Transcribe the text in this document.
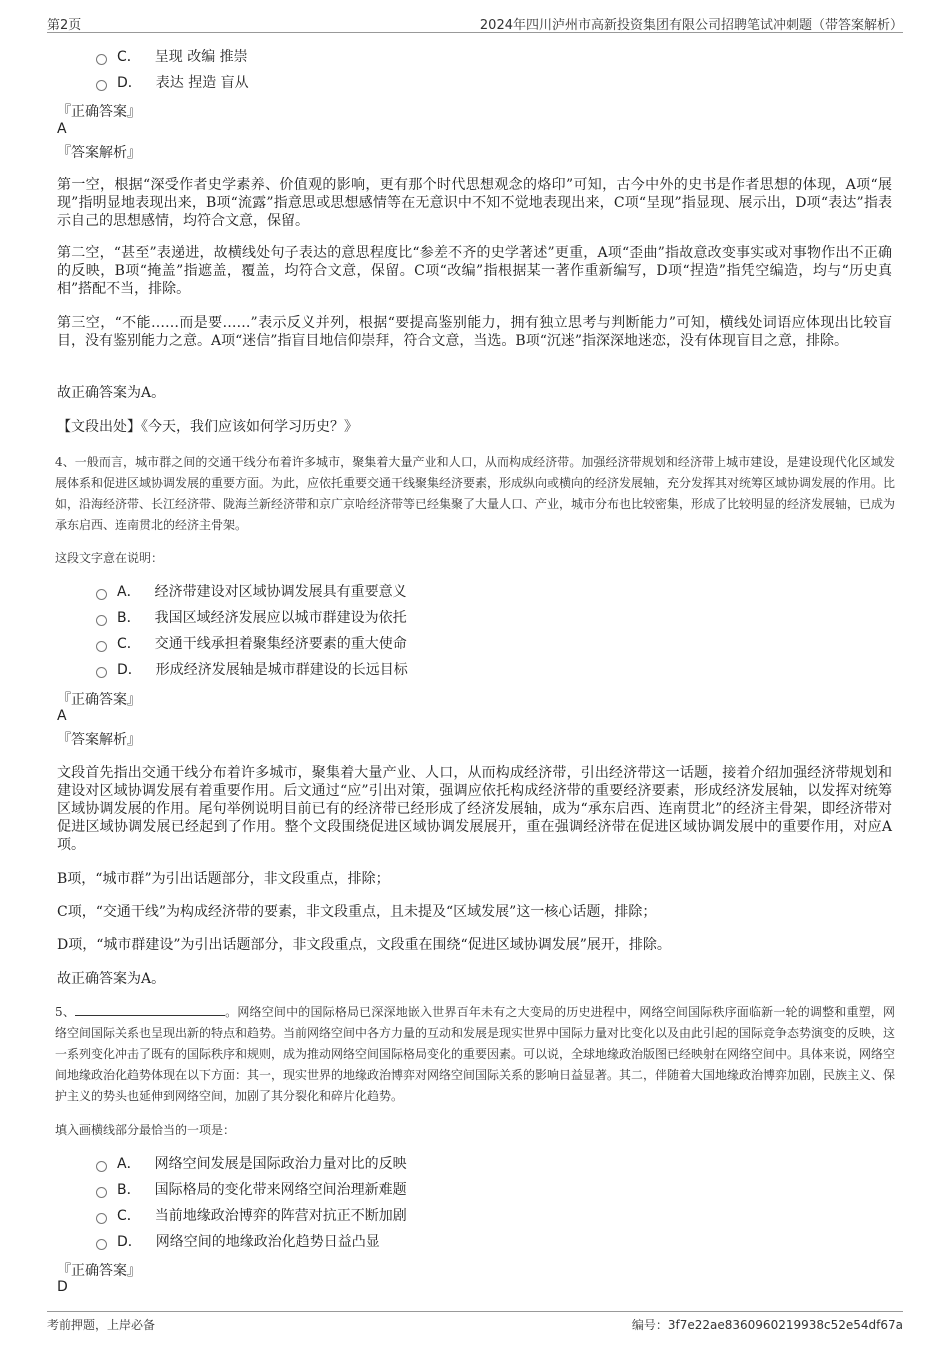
第2页	2024年四川泸州市高新投资集团有限公司招聘笔试冲刺题（带答案解析）
C． 呈现 改编 推崇
D． 表达 捏造 盲从
『正确答案』
A
『答案解析』
第一空，根据“深受作者史学素养、价值观的影响，更有那个时代思想观念的烙印”可知，古今中外的史书是作者思想的体现，A项“展现”指明显地表现出来，B项“流露”指意思或思想感情等在无意识中不知不觉地表现出来，C项“呈现”指显现、展示出，D项“表达”指表示自己的思想感情，均符合文意，保留。
第二空，“甚至”表递进，故横线处句子表达的意思程度比“参差不齐的史学著述”更重，A项“歪曲”指故意改变事实或对事物作出不正确的反映，B项“掩盖”指遮盖，覆盖，均符合文意，保留。C项“改编”指根据某一著作重新编写，D项“捏造”指凭空编造，均与“历史真相”搭配不当，排除。
第三空，“不能……而是要……”表示反义并列，根据“要提高鉴别能力，拥有独立思考与判断能力”可知，横线处词语应体现出比较盲目，没有鉴别能力之意。A项“迷信”指盲目地信仰崇拜，符合文意，当选。B项“沉迷”指深深地迷恋，没有体现盲目之意，排除。
故正确答案为A。
【文段出处】《今天，我们应该如何学习历史？》
4、一般而言，城市群之间的交通干线分布着许多城市，聚集着大量产业和人口，从而构成经济带。加强经济带规划和经济带上城市建设，是建设现代化区域发展体系和促进区域协调发展的重要方面。为此，应依托重要交通干线聚集经济要素，形成纵向或横向的经济发展轴，充分发挥其对统筹区域协调发展的作用。比如，沿海经济带、长江经济带、陇海兰新经济带和京广京哈经济带等已经集聚了大量人口、产业，城市分布也比较密集，形成了比较明显的经济发展轴，已成为承东启西、连南贯北的经济主骨架。
这段文字意在说明：
A． 经济带建设对区域协调发展具有重要意义
B． 我国区域经济发展应以城市群建设为依托
C． 交通干线承担着聚集经济要素的重大使命
D． 形成经济发展轴是城市群建设的长远目标
『正确答案』
A
『答案解析』
文段首先指出交通干线分布着许多城市，聚集着大量产业、人口，从而构成经济带，引出经济带这一话题，接着介绍加强经济带规划和建设对区域协调发展有着重要作用。后文通过“应”引出对策，强调应依托构成经济带的重要经济要素，形成经济发展轴，以发挥对统筹区域协调发展的作用。尾句举例说明目前已有的经济带已经形成了经济发展轴，成为“承东启西、连南贯北”的经济主骨架，即经济带对促进区域协调发展已经起到了作用。整个文段围绕促进区域协调发展展开，重在强调经济带在促进区域协调发展中的重要作用，对应A项。
B项，“城市群”为引出话题部分，非文段重点，排除；
C项，“交通干线”为构成经济带的要素，非文段重点，且未提及“区域发展”这一核心话题，排除；
D项，“城市群建设”为引出话题部分，非文段重点，文段重在围绕“促进区域协调发展”展开，排除。
故正确答案为A。
5、	。网络空间中的国际格局已深深地嵌入世界百年未有之大变局的历史进程中，网络空间国际秩序面临新一轮的调整和重塑，网络空间国际关系也呈现出新的特点和趋势。当前网络空间中各方力量的互动和发展是现实世界中国际力量对比变化以及由此引起的国际竞争态势演变的反映，这一系列变化冲击了既有的国际秩序和规则，成为推动网络空间国际格局变化的重要因素。可以说，全球地缘政治版图已经映射在网络空间中。具体来说，网络空间地缘政治化趋势体现在以下方面：其一，现实世界的地缘政治博弈对网络空间国际关系的影响日益显著。其二，伴随着大国地缘政治博弈加剧，民族主义、保护主义的势头也延伸到网络空间，加剧了其分裂化和碎片化趋势。
填入画横线部分最恰当的一项是：
A． 网络空间发展是国际政治力量对比的反映
B． 国际格局的变化带来网络空间治理新难题
C． 当前地缘政治博弈的阵营对抗正不断加剧
D． 网络空间的地缘政治化趋势日益凸显
『正确答案』
D
考前押题，上岸必备	编号：3f7e22ae8360960219938c52e54df67a
